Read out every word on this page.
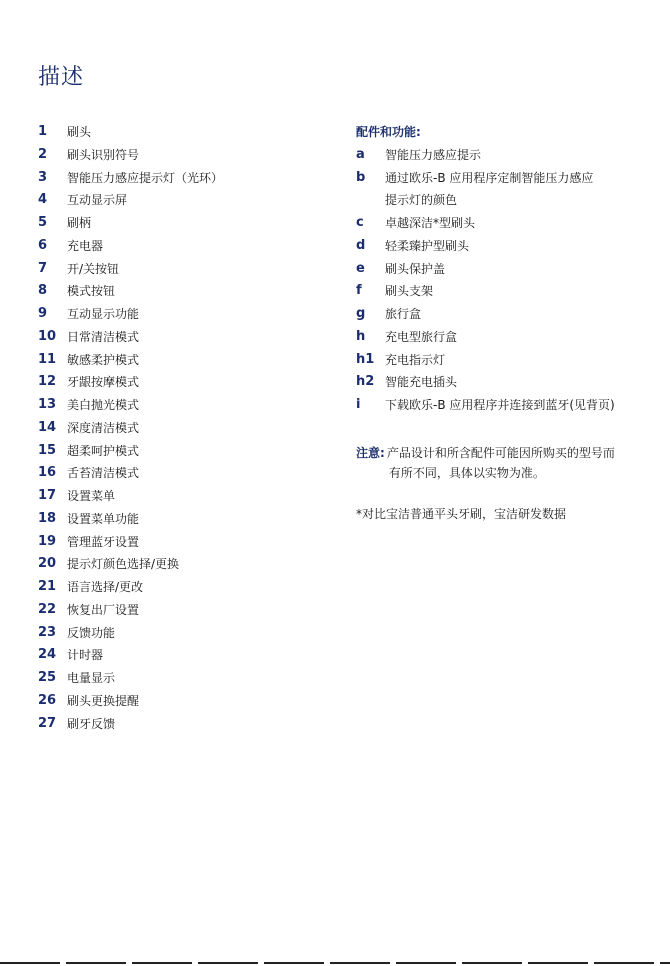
描述
1	刷头
2	刷头识别符号
3	智能压力感应提示灯（光环）
4	互动显示屏
5	刷柄
6	充电器
7	开/关按钮
8	模式按钮
9	互动显示功能
10 日常清洁模式
11 敏感柔护模式
12 牙龈按摩模式
13 美白抛光模式
14 深度清洁模式
15 超柔呵护模式
16 舌苔清洁模式
17 设置菜单
18 设置菜单功能
19 管理蓝牙设置
20 提示灯颜色选择/更换
21 语言选择/更改
22 恢复出厂设置
23 反馈功能
24 计时器
25 电量显示
26 刷头更换提醒
27 刷牙反馈
配件和功能:
a	智能压力感应提示
b	通过欧乐-B 应用程序定制智能压力感应
提示灯的颜色
c	卓越深洁*型刷头
d	轻柔臻护型刷头
e	刷头保护盖
f	刷头支架
g	旅行盒
h	充电型旅行盒
h1 充电指示灯
h2 智能充电插头
i	下载欧乐-B 应用程序并连接到蓝牙(见背页)
注意: 产品设计和所含配件可能因所购买的型号而
有所不同，具体以实物为准。
*对比宝洁普通平头牙刷，宝洁研发数据
